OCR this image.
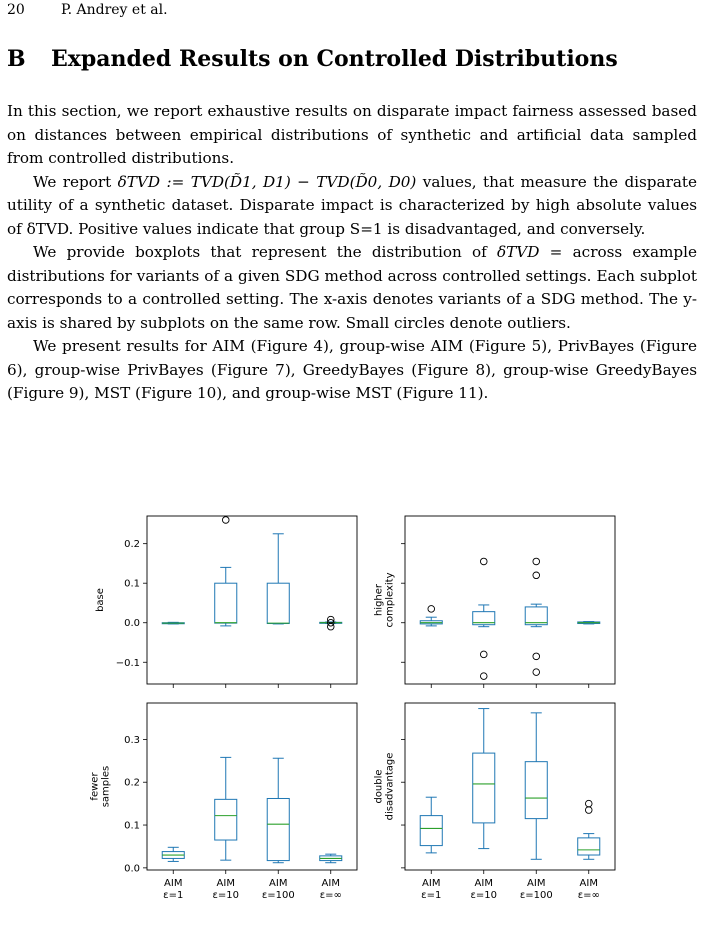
20	P. Andrey et al.
B Expanded Results on Controlled Distributions

In this section, we report exhaustive results on disparate impact fairness assessed based on distances between empirical distributions of synthetic and artificial data sampled from controlled distributions.

We report δTVD := TVD(D̃1, D1) − TVD(D̃0, D0) values, that measure the disparate utility of a synthetic dataset. Disparate impact is characterized by high absolute values of δTVD. Positive values indicate that group S=1 is disadvantaged, and conversely.

We provide boxplots that represent the distribution of δTVD = across example distributions for variants of a given SDG method across controlled settings. Each subplot corresponds to a controlled setting. The x-axis denotes variants of a SDG method. The y-axis is shared by subplots on the same row. Small circles denote outliers.

We present results for AIM (Figure 4), group-wise AIM (Figure 5), PrivBayes (Figure 6), group-wise PrivBayes (Figure 7), GreedyBayes (Figure 8), group-wise GreedyBayes (Figure 9), MST (Figure 10), and group-wise MST (Figure 11).

−0.1
0.0
0.1
0.2
base	highercomplexity
0.0
0.1
0.2
0.3
fewersamples
AIM
ε=1
AIM
ε=10
AIM
ε=100
AIM
ε=∞
doubledisadvantage
AIM
ε=1
AIM
ε=10
AIM
ε=100
AIM
ε=∞
